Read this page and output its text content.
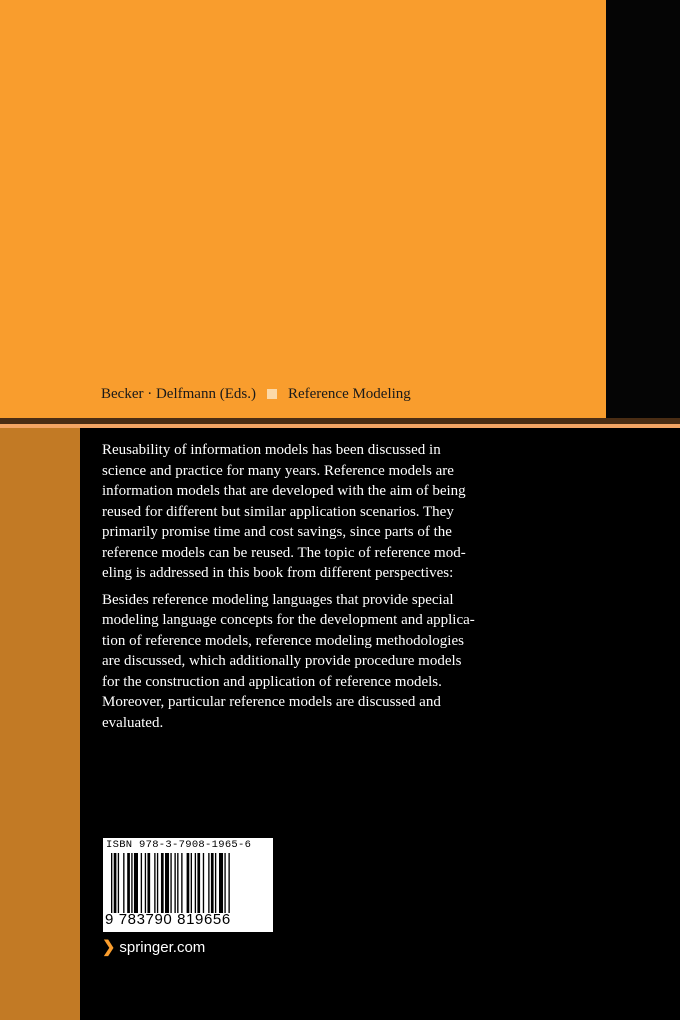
Becker · Delfmann (Eds.) Reference Modeling

Reusability of information models has been discussed in
science and practice for many years. Reference models are
information models that are developed with the aim of being
reused for different but similar application scenarios. They
primarily promise time and cost savings, since parts of the
reference models can be reused. The topic of reference mod-
eling is addressed in this book from different perspectives:

Besides reference modeling languages that provide special
modeling language concepts for the development and applica-
tion of reference models, reference modeling methodologies
are discussed, which additionally provide procedure models
for the construction and application of reference models.
Moreover, particular reference models are discussed and
evaluated.

ISBN 978-3-7908-1965-6
9 783790 819656
❯ springer.com
